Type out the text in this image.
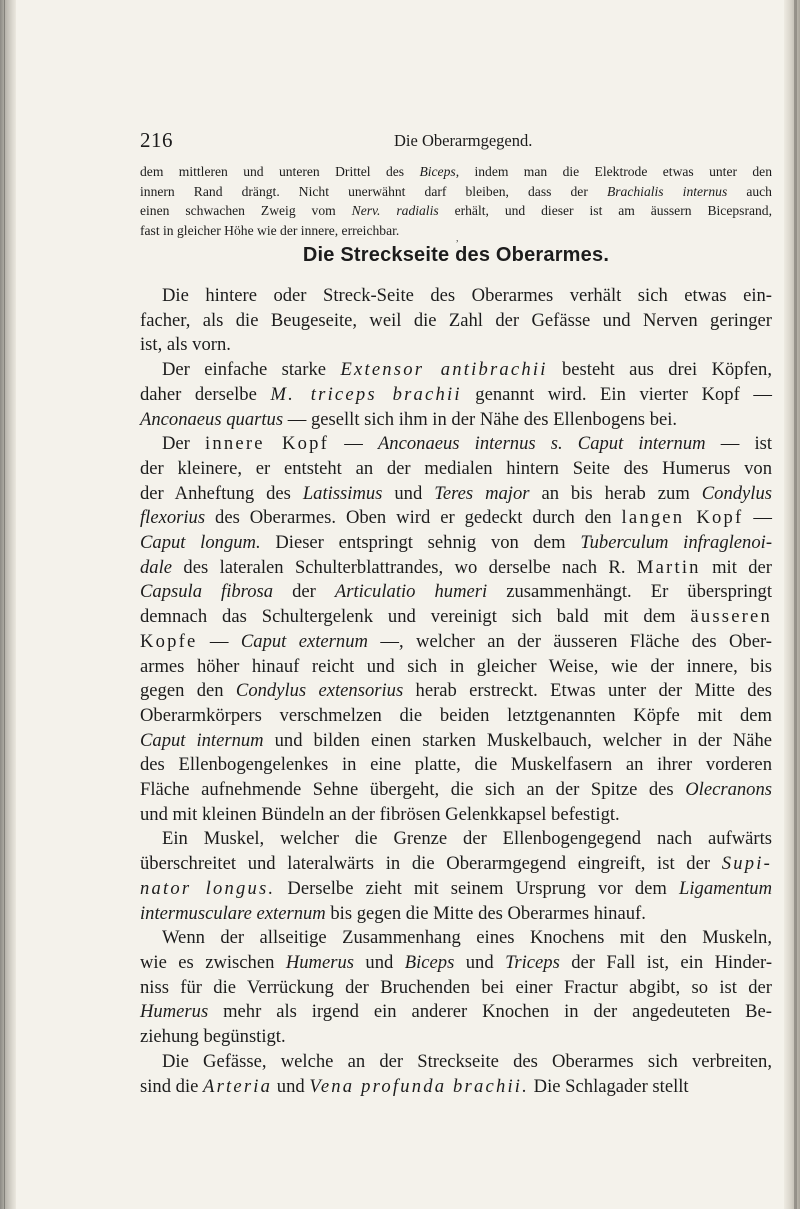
216	Die Oberarmgegend.
dem mittleren und unteren Drittel des Biceps, indem man die Elektrode etwas unter den
innern Rand drängt. Nicht unerwähnt darf bleiben, dass der Brachialis internus auch
einen schwachen Zweig vom Nerv. radialis erhält, und dieser ist am äussern Bicepsrand,
fast in gleicher Höhe wie der innere, erreichbar.
,
Die Streckseite des Oberarmes.
Die hintere oder Streck-Seite des Oberarmes verhält sich etwas ein-
facher, als die Beugeseite, weil die Zahl der Gefässe und Nerven geringer
ist, als vorn.
Der einfache starke Extensor antibrachii besteht aus drei Köpfen,
daher derselbe M. triceps brachii genannt wird. Ein vierter Kopf —
Anconaeus quartus — gesellt sich ihm in der Nähe des Ellenbogens bei.
Der innere Kopf — Anconaeus internus s. Caput internum — ist
der kleinere, er entsteht an der medialen hintern Seite des Humerus von
der Anheftung des Latissimus und Teres major an bis herab zum Condylus
flexorius des Oberarmes. Oben wird er gedeckt durch den langen Kopf —
Caput longum. Dieser entspringt sehnig von dem Tuberculum infraglenoi-
dale des lateralen Schulterblattrandes, wo derselbe nach R. Martin mit der
Capsula fibrosa der Articulatio humeri zusammenhängt. Er überspringt
demnach das Schultergelenk und vereinigt sich bald mit dem äusseren
Kopfe — Caput externum —, welcher an der äusseren Fläche des Ober-
armes höher hinauf reicht und sich in gleicher Weise, wie der innere, bis
gegen den Condylus extensorius herab erstreckt. Etwas unter der Mitte des
Oberarmkörpers verschmelzen die beiden letztgenannten Köpfe mit dem
Caput internum und bilden einen starken Muskelbauch, welcher in der Nähe
des Ellenbogengelenkes in eine platte, die Muskelfasern an ihrer vorderen
Fläche aufnehmende Sehne übergeht, die sich an der Spitze des Olecranons
und mit kleinen Bündeln an der fibrösen Gelenkkapsel befestigt.
Ein Muskel, welcher die Grenze der Ellenbogengegend nach aufwärts
überschreitet und lateralwärts in die Oberarmgegend eingreift, ist der Supi-
nator longus. Derselbe zieht mit seinem Ursprung vor dem Ligamentum
intermusculare externum bis gegen die Mitte des Oberarmes hinauf.
Wenn der allseitige Zusammenhang eines Knochens mit den Muskeln,
wie es zwischen Humerus und Biceps und Triceps der Fall ist, ein Hinder-
niss für die Verrückung der Bruchenden bei einer Fractur abgibt, so ist der
Humerus mehr als irgend ein anderer Knochen in der angedeuteten Be-
ziehung begünstigt.
Die Gefässe, welche an der Streckseite des Oberarmes sich verbreiten,
sind die Arteria und Vena profunda brachii. Die Schlagader stellt
